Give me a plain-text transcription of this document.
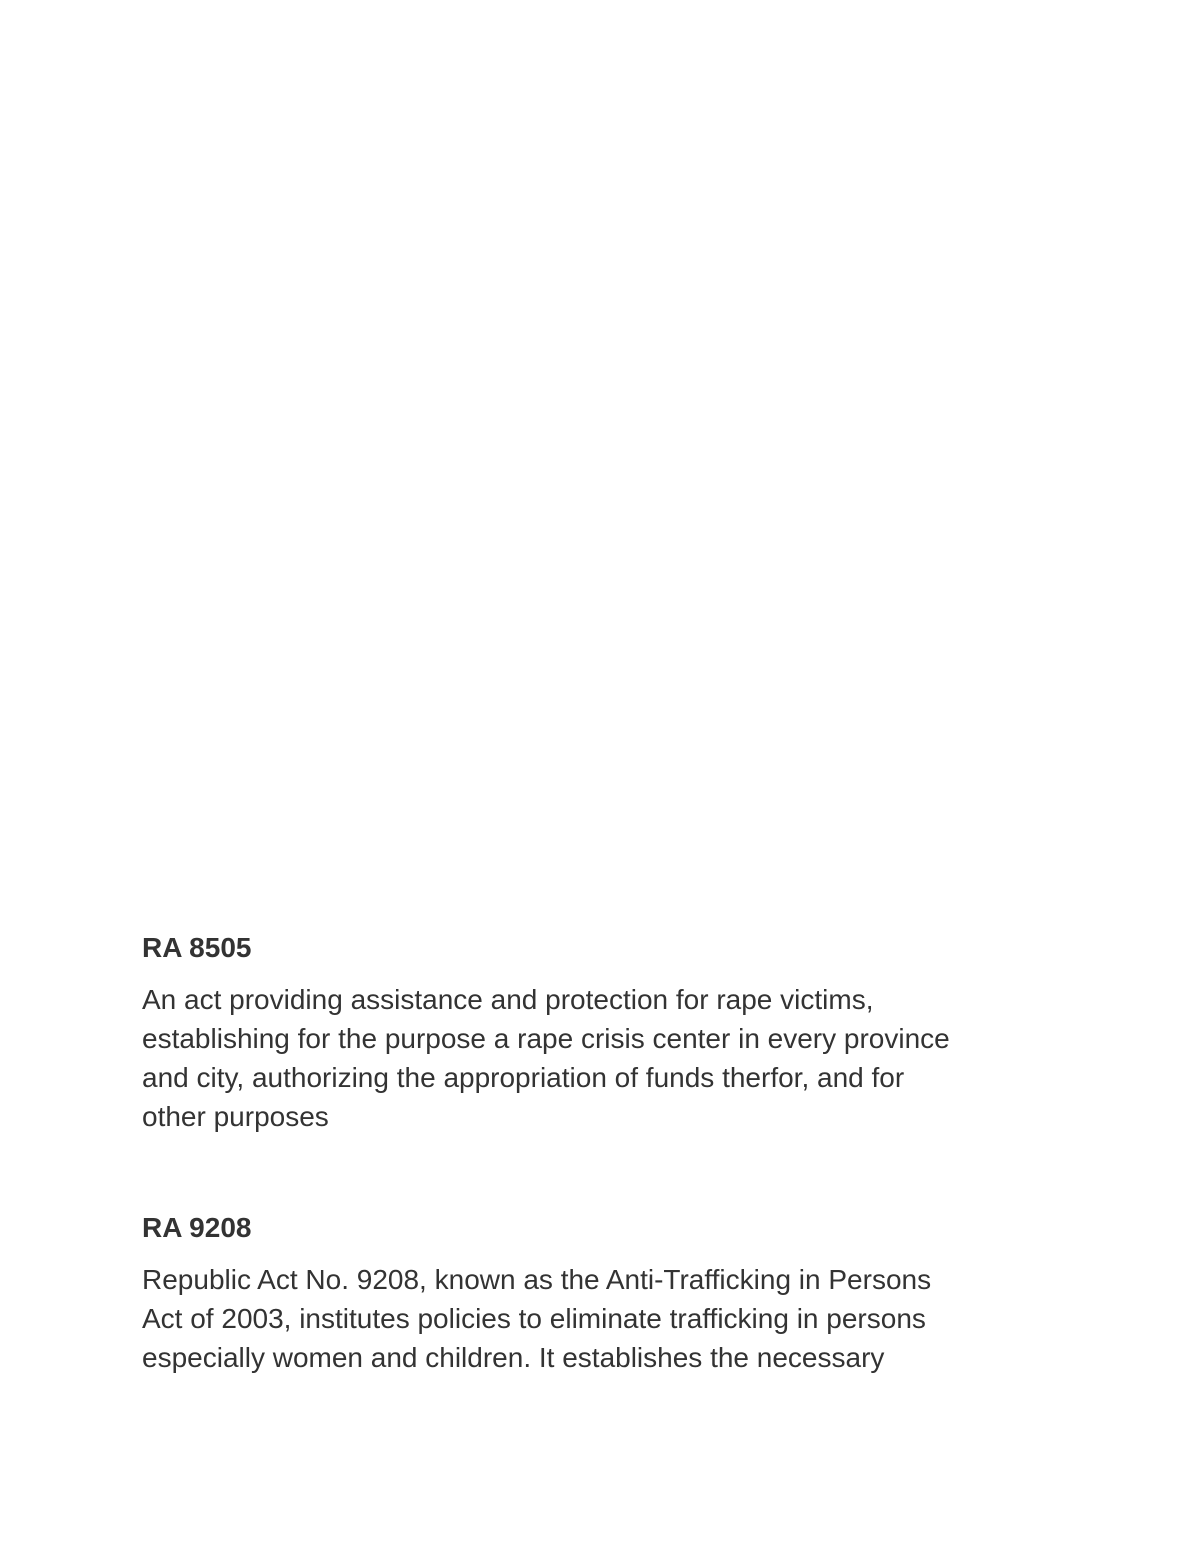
RA 8505

An act providing assistance and protection for rape victims,
establishing for the purpose a rape crisis center in every province
and city, authorizing the appropriation of funds therfor, and for
other purposes

RA 9208

Republic Act No. 9208, known as the Anti-Trafficking in Persons
Act of 2003, institutes policies to eliminate trafficking in persons
especially women and children. It establishes the necessary
